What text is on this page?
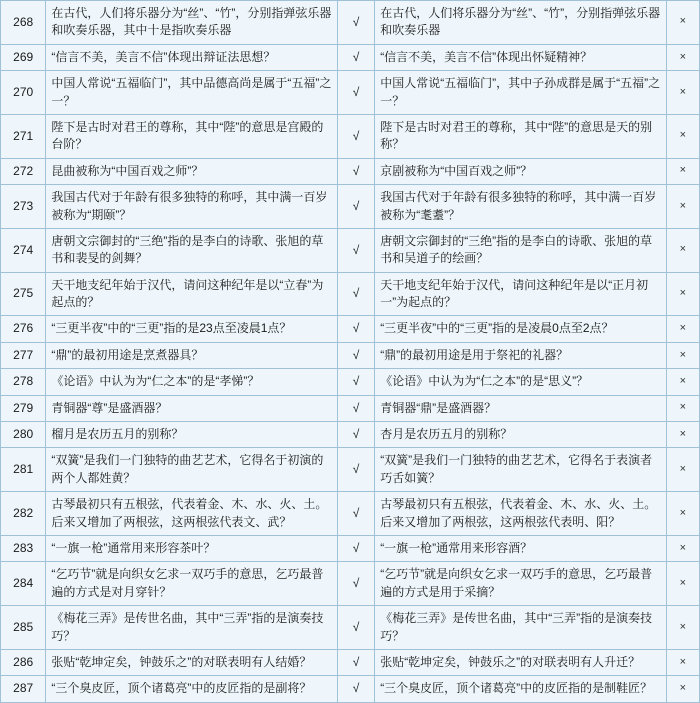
268	在古代，人们将乐器分为“丝”、“竹”，分别指弹弦乐器和吹奏乐器，其中十是指吹奏乐器	√	在古代，人们将乐器分为“丝”、“竹”，分别指弹弦乐器和吹奏乐器	×
269	“信言不美，美言不信”体现出辩证法思想？	√	“信言不美，美言不信”体现出怀疑精神？	×
270	中国人常说“五福临门”，其中品德高尚是属于“五福”之一？	√	中国人常说“五福临门”，其中子孙成群是属于“五福”之一？	×
271	陛下是古时对君王的尊称，其中“陛”的意思是宫殿的台阶？	√	陛下是古时对君王的尊称，其中“陛”的意思是天的别称？	×
272	昆曲被称为“中国百戏之师”？	√	京剧被称为“中国百戏之师”？	×
273	我国古代对于年龄有很多独特的称呼，其中满一百岁被称为“期颐”？	√	我国古代对于年龄有很多独特的称呼，其中满一百岁被称为“耄耋”？	×
274	唐朝文宗御封的“三绝”指的是李白的诗歌、张旭的草书和裴旻的剑舞？	√	唐朝文宗御封的“三绝”指的是李白的诗歌、张旭的草书和吴道子的绘画？	×
275	天干地支纪年始于汉代，请问这种纪年是以“立春”为起点的？	√	天干地支纪年始于汉代，请问这种纪年是以“正月初一”为起点的？	×
276	“三更半夜”中的“三更”指的是23点至凌晨1点？	√	“三更半夜”中的“三更”指的是凌晨0点至2点？	×
277	“鼎”的最初用途是烹煮器具？	√	“鼎”的最初用途是用于祭祀的礼器？	×
278	《论语》中认为为“仁之本”的是“孝悌”？	√	《论语》中认为为“仁之本”的是“思义”？	×
279	青铜器“尊”是盛酒器？	√	青铜器“鼎”是盛酒器？	×
280	榴月是农历五月的别称？	√	杏月是农历五月的别称？	×
281	“双簧”是我们一门独特的曲艺艺术，它得名于初演的两个人都姓黄？	√	“双簧”是我们一门独特的曲艺艺术，它得名于表演者巧舌如簧？	×
282	古琴最初只有五根弦，代表着金、木、水、火、土。后来又增加了两根弦，这两根弦代表文、武？	√	古琴最初只有五根弦，代表着金、木、水、火、土。后来又增加了两根弦，这两根弦代表明、阳？	×
283	“一旗一枪”通常用来形容茶叶？	√	“一旗一枪”通常用来形容酒？	×
284	“乞巧节”就是向织女乞求一双巧手的意思，乞巧最普遍的方式是对月穿针？	√	“乞巧节”就是向织女乞求一双巧手的意思，乞巧最普遍的方式是用于采摘？	×
285	《梅花三弄》是传世名曲，其中“三弄”指的是演奏技巧？	√	《梅花三弄》是传世名曲，其中“三弄”指的是演奏技巧？	×
286	张贴“乾坤定矣，钟鼓乐之”的对联表明有人结婚？	√	张贴“乾坤定矣，钟鼓乐之”的对联表明有人升迁？	×
287	“三个臭皮匠，顶个诸葛亮”中的皮匠指的是副将？	√	“三个臭皮匠，顶个诸葛亮”中的皮匠指的是制鞋匠？	×
